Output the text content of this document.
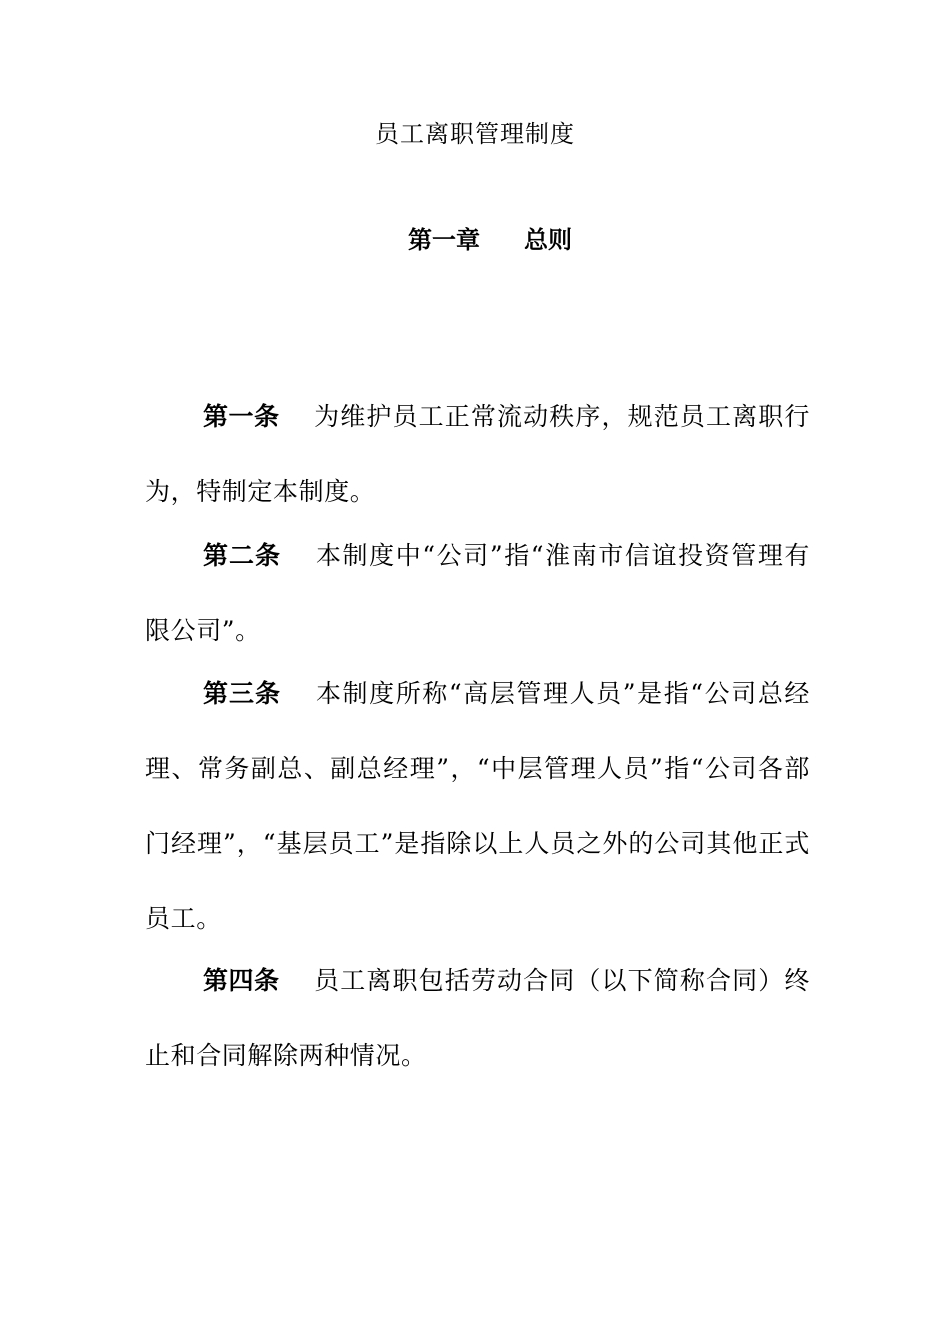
员工离职管理制度
第一章 总则

第一条 为维护员工正常流动秩序，规范员工离职行为，特制定本制度。

第二条 本制度中“公司”指“淮南市信谊投资管理有限公司”。

第三条 本制度所称“高层管理人员”是指“公司总经理、常务副总、副总经理”，“中层管理人员”指“公司各部门经理”，“基层员工”是指除以上人员之外的公司其他正式员工。

第四条 员工离职包括劳动合同（以下简称合同）终止和合同解除两种情况。
